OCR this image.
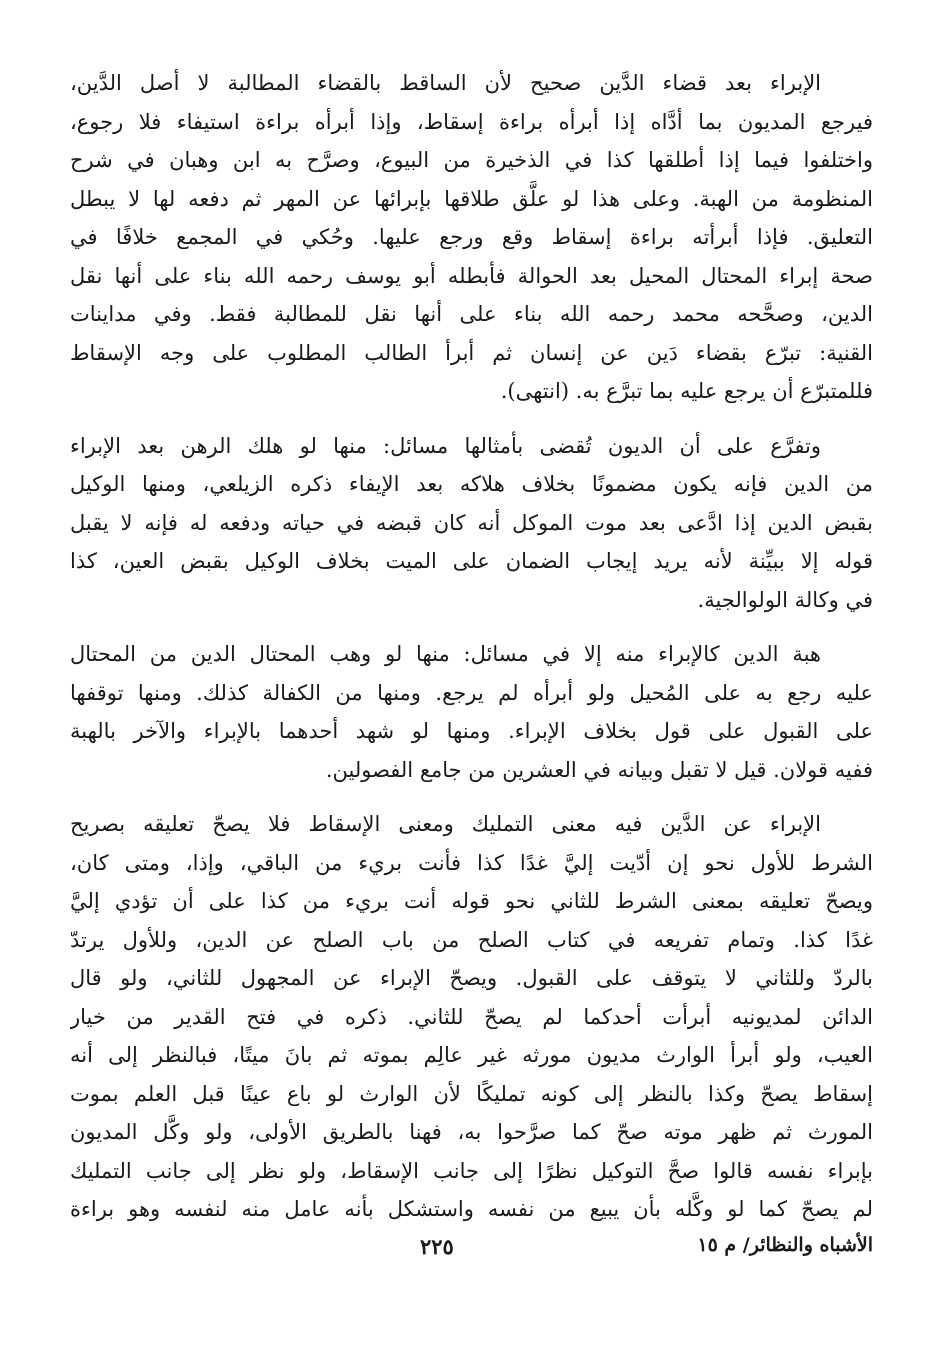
الإبراء بعد قضاء الدَّين صحيح لأن الساقط بالقضاء المطالبة لا أصل الدَّين،
فيرجع المديون بما أدَّاه إذا أبرأه براءة إسقاط، وإذا أبرأه براءة استيفاء فلا رجوع،
واختلفوا فيما إذا أطلقها كذا في الذخيرة من البيوع، وصرَّح به ابن وهبان في شرح
المنظومة من الهبة. وعلى هذا لو علَّق طلاقها بإبرائها عن المهر ثم دفعه لها لا يبطل
التعليق. فإذا أبرأته براءة إسقاط وقع ورجع عليها. وحُكي في المجمع خلافًا في
صحة إبراء المحتال المحيل بعد الحوالة فأبطله أبو يوسف رحمه الله بناء على أنها نقل
الدين، وصحَّحه محمد رحمه الله بناء على أنها نقل للمطالبة فقط. وفي مداينات
القنية: تبرّع بقضاء دَين عن إنسان ثم أبرأ الطالب المطلوب على وجه الإسقاط
فللمتبرّع أن يرجع عليه بما تبرَّع به. (انتهى).
وتفرَّع على أن الديون تُقضى بأمثالها مسائل: منها لو هلك الرهن بعد الإبراء
من الدين فإنه يكون مضمونًا بخلاف هلاكه بعد الإيفاء ذكره الزيلعي، ومنها الوكيل
بقبض الدين إذا ادَّعى بعد موت الموكل أنه كان قبضه في حياته ودفعه له فإنه لا يقبل
قوله إلا ببيِّنة لأنه يريد إيجاب الضمان على الميت بخلاف الوكيل بقبض العين، كذا
في وكالة الولوالجية.
هبة الدين كالإبراء منه إلا في مسائل: منها لو وهب المحتال الدين من المحتال
عليه رجع به على المُحيل ولو أبرأه لم يرجع. ومنها من الكفالة كذلك. ومنها توقفها
على القبول على قول بخلاف الإبراء. ومنها لو شهد أحدهما بالإبراء والآخر بالهبة
ففيه قولان. قيل لا تقبل وبيانه في العشرين من جامع الفصولين.
الإبراء عن الدَّين فيه معنى التمليك ومعنى الإسقاط فلا يصحّ تعليقه بصريح
الشرط للأول نحو إن أدّيت إليَّ غدًا كذا فأنت بريء من الباقي، وإذا، ومتى كان،
ويصحّ تعليقه بمعنى الشرط للثاني نحو قوله أنت بريء من كذا على أن تؤدي إليَّ
غدًا كذا. وتمام تفريعه في كتاب الصلح من باب الصلح عن الدين، وللأول يرتدّ
بالردّ وللثاني لا يتوقف على القبول. ويصحّ الإبراء عن المجهول للثاني، ولو قال
الدائن لمديونيه أبرأت أحدكما لم يصحّ للثاني. ذكره في فتح القدير من خيار
العيب، ولو أبرأ الوارث مديون مورثه غير عالِم بموته ثم بانَ ميتًا، فبالنظر إلى أنه
إسقاط يصحّ وكذا بالنظر إلى كونه تمليكًا لأن الوارث لو باع عينًا قبل العلم بموت
المورث ثم ظهر موته صحّ كما صرَّحوا به، فهنا بالطريق الأولى، ولو وكَّل المديون
بإبراء نفسه قالوا صحَّ التوكيل نظرًا إلى جانب الإسقاط، ولو نظر إلى جانب التمليك
لم يصحّ كما لو وكَّله بأن يبيع من نفسه واستشكل بأنه عامل منه لنفسه وهو براءة
الأشباه والنظائر/ م ١٥
٢٢٥
